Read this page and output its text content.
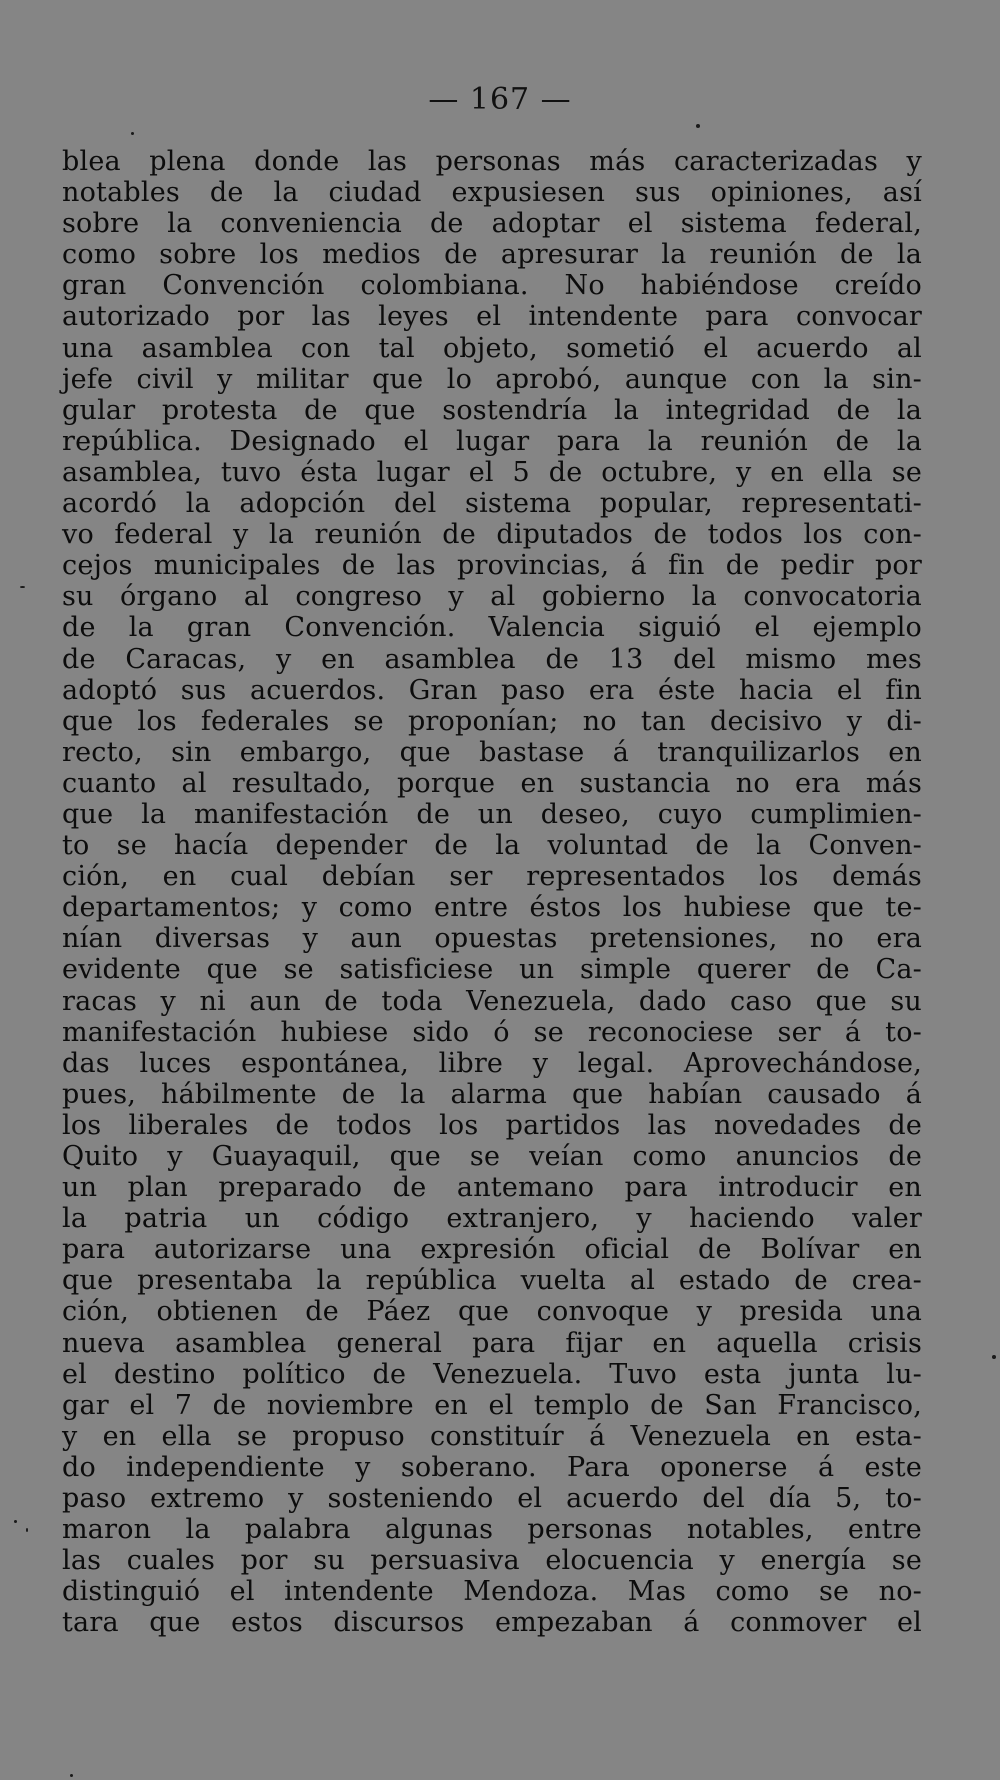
— 167 —
blea plena donde las personas más caracterizadas y
notables de la ciudad expusiesen sus opiniones, así
sobre la conveniencia de adoptar el sistema federal,
como sobre los medios de apresurar la reunión de la
gran Convención colombiana. No habiéndose creído
autorizado por las leyes el intendente para convocar
una asamblea con tal objeto, sometió el acuerdo al
jefe civil y militar que lo aprobó, aunque con la sin-
gular protesta de que sostendría la integridad de la
república. Designado el lugar para la reunión de la
asamblea, tuvo ésta lugar el 5 de octubre, y en ella se
acordó la adopción del sistema popular, representati-
vo federal y la reunión de diputados de todos los con-
cejos municipales de las provincias, á fin de pedir por
su órgano al congreso y al gobierno la convocatoria
de la gran Convención. Valencia siguió el ejemplo
de Caracas, y en asamblea de 13 del mismo mes
adoptó sus acuerdos. Gran paso era éste hacia el fin
que los federales se proponían; no tan decisivo y di-
recto, sin embargo, que bastase á tranquilizarlos en
cuanto al resultado, porque en sustancia no era más
que la manifestación de un deseo, cuyo cumplimien-
to se hacía depender de la voluntad de la Conven-
ción, en cual debían ser representados los demás
departamentos; y como entre éstos los hubiese que te-
nían diversas y aun opuestas pretensiones, no era
evidente que se satisficiese un simple querer de Ca-
racas y ni aun de toda Venezuela, dado caso que su
manifestación hubiese sido ó se reconociese ser á to-
das luces espontánea, libre y legal. Aprovechándose,
pues, hábilmente de la alarma que habían causado á
los liberales de todos los partidos las novedades de
Quito y Guayaquil, que se veían como anuncios de
un plan preparado de antemano para introducir en
la patria un código extranjero, y haciendo valer
para autorizarse una expresión oficial de Bolívar en
que presentaba la república vuelta al estado de crea-
ción, obtienen de Páez que convoque y presida una
nueva asamblea general para fijar en aquella crisis
el destino político de Venezuela. Tuvo esta junta lu-
gar el 7 de noviembre en el templo de San Francisco,
y en ella se propuso constituír á Venezuela en esta-
do independiente y soberano. Para oponerse á este
paso extremo y sosteniendo el acuerdo del día 5, to-
maron la palabra algunas personas notables, entre
las cuales por su persuasiva elocuencia y energía se
distinguió el intendente Mendoza. Mas como se no-
tara que estos discursos empezaban á conmover el
